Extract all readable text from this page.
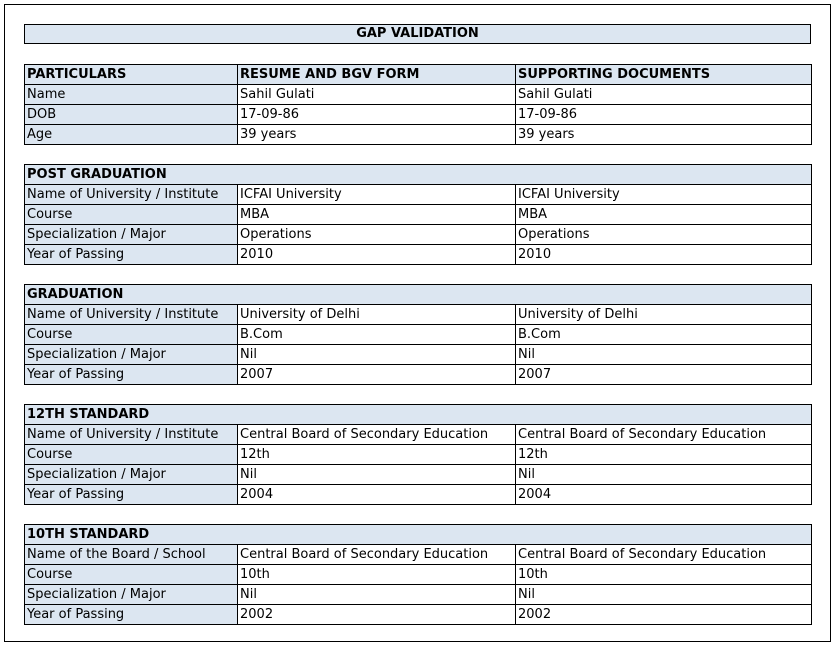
GAP VALIDATION
PARTICULARS	RESUME AND BGV FORM	SUPPORTING DOCUMENTS
Name	Sahil Gulati	Sahil Gulati
DOB	17-09-86	17-09-86
Age	39 years	39 years
POST GRADUATION		
Name of University / Institute	ICFAI University	ICFAI University
Course	MBA	MBA
Specialization / Major	Operations	Operations
Year of Passing	2010	2010
GRADUATION		
Name of University / Institute	University of Delhi	University of Delhi
Course	B.Com	B.Com
Specialization / Major	Nil	Nil
Year of Passing	2007	2007
12TH STANDARD		
Name of University / Institute	Central Board of Secondary Education	Central Board of Secondary Education
Course	12th	12th
Specialization / Major	Nil	Nil
Year of Passing	2004	2004
10TH STANDARD		
Name of the Board / School	Central Board of Secondary Education	Central Board of Secondary Education
Course	10th	10th
Specialization / Major	Nil	Nil
Year of Passing	2002	2002
